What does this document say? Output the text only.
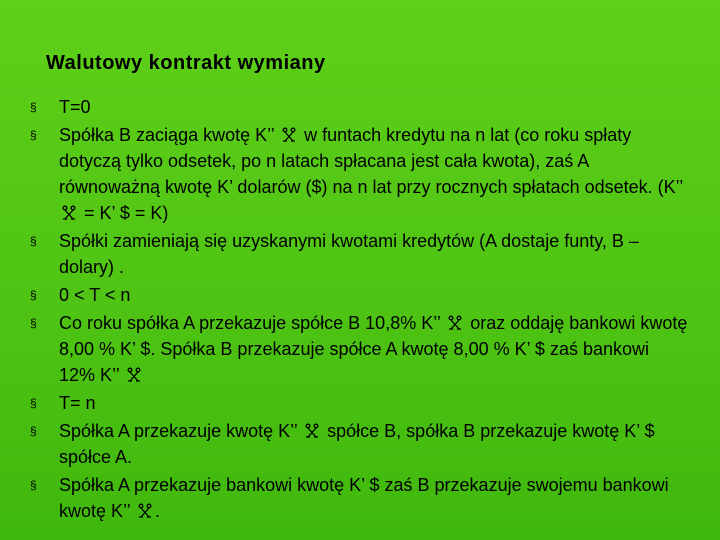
Walutowy kontrakt wymiany
§ T=0
§ Spółka B zaciąga kwotę K’’  w funtach kredytu na n lat (co roku spłaty dotyczą tylko odsetek, po n latach spłacana jest cała kwota), zaś A równoważną kwotę K’ dolarów ($) na n lat przy rocznych spłatach odsetek. (K’’  = K’ $ = K)
§ Spółki zamieniają się uzyskanymi kwotami kredytów (A dostaje funty, B – dolary) .
§ 0 < T < n
§ Co roku spółka A przekazuje spółce B 10,8% K’’  oraz oddaję bankowi kwotę 8,00 % K’ $. Spółka B przekazuje spółce A kwotę 8,00 % K’ $ zaś bankowi 12% K’’
§ T= n
§ Spółka A przekazuje kwotę K’’  spółce B, spółka B przekazuje kwotę K’ $ spółce A.
§ Spółka A przekazuje bankowi kwotę K’ $ zaś B przekazuje swojemu bankowi kwotę K’’ .
